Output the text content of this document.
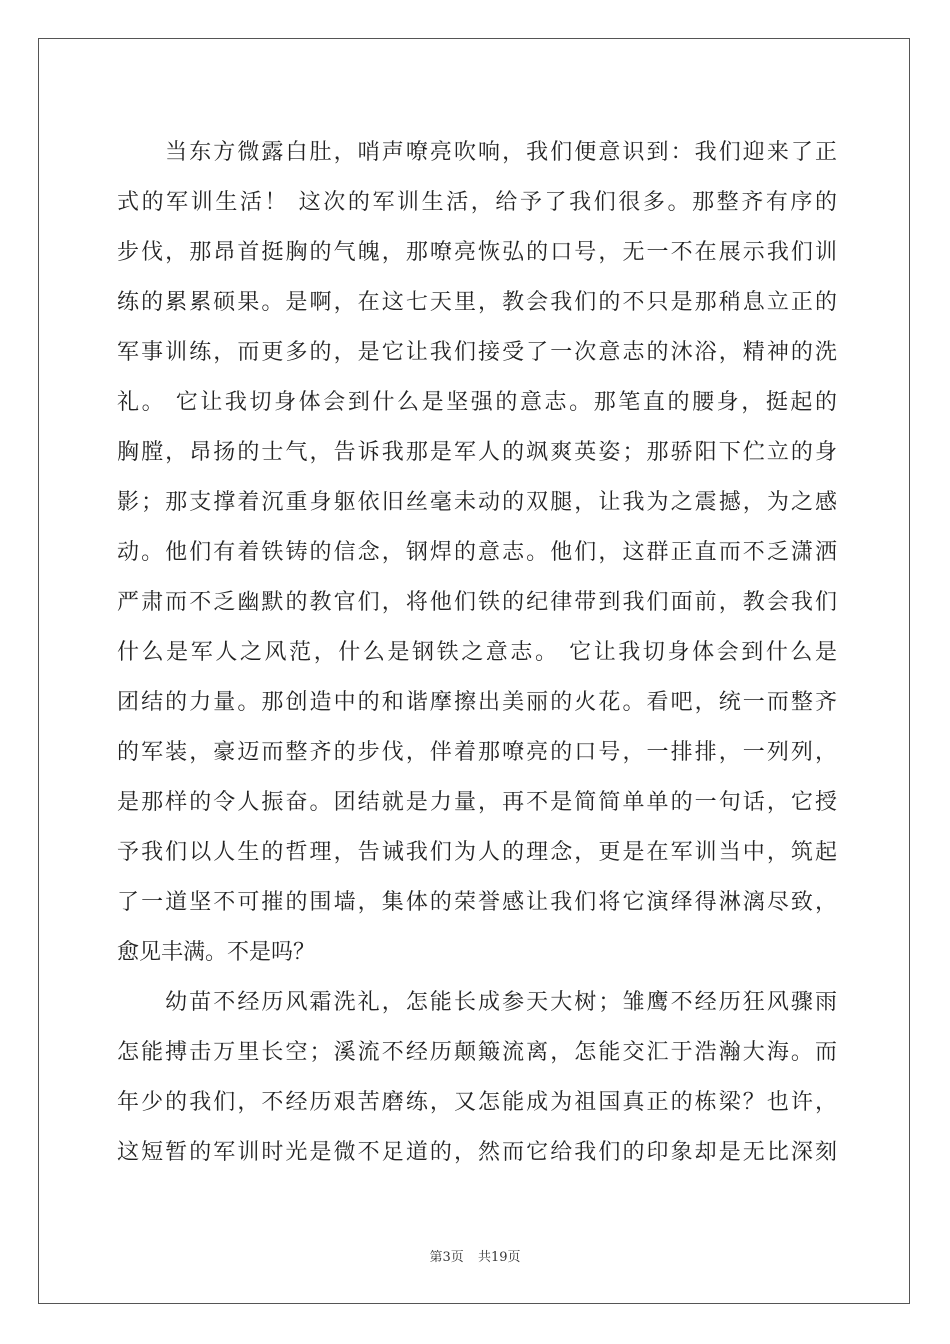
　　当东方微露白肚，哨声嘹亮吹响，我们便意识到：我们迎来了正
式的军训生活！ 这次的军训生活，给予了我们很多。那整齐有序的
步伐，那昂首挺胸的气魄，那嘹亮恢弘的口号，无一不在展示我们训
练的累累硕果。是啊，在这七天里，教会我们的不只是那稍息立正的
军事训练，而更多的，是它让我们接受了一次意志的沐浴，精神的洗
礼。 它让我切身体会到什么是坚强的意志。那笔直的腰身，挺起的
胸膛，昂扬的士气，告诉我那是军人的飒爽英姿；那骄阳下伫立的身
影；那支撑着沉重身躯依旧丝毫未动的双腿，让我为之震撼，为之感
动。他们有着铁铸的信念，钢焊的意志。他们，这群正直而不乏潇洒
严肃而不乏幽默的教官们，将他们铁的纪律带到我们面前，教会我们
什么是军人之风范，什么是钢铁之意志。 它让我切身体会到什么是
团结的力量。那创造中的和谐摩擦出美丽的火花。看吧，统一而整齐
的军装，豪迈而整齐的步伐，伴着那嘹亮的口号，一排排，一列列，
是那样的令人振奋。团结就是力量，再不是简简单单的一句话，它授
予我们以人生的哲理，告诫我们为人的理念，更是在军训当中，筑起
了一道坚不可摧的围墙，集体的荣誉感让我们将它演绎得淋漓尽致，
愈见丰满。不是吗？
　　幼苗不经历风霜洗礼，怎能长成参天大树；雏鹰不经历狂风骤雨
怎能搏击万里长空；溪流不经历颠簸流离，怎能交汇于浩瀚大海。而
年少的我们，不经历艰苦磨练，又怎能成为祖国真正的栋梁？也许，
这短暂的军训时光是微不足道的，然而它给我们的印象却是无比深刻
第3页 共19页
